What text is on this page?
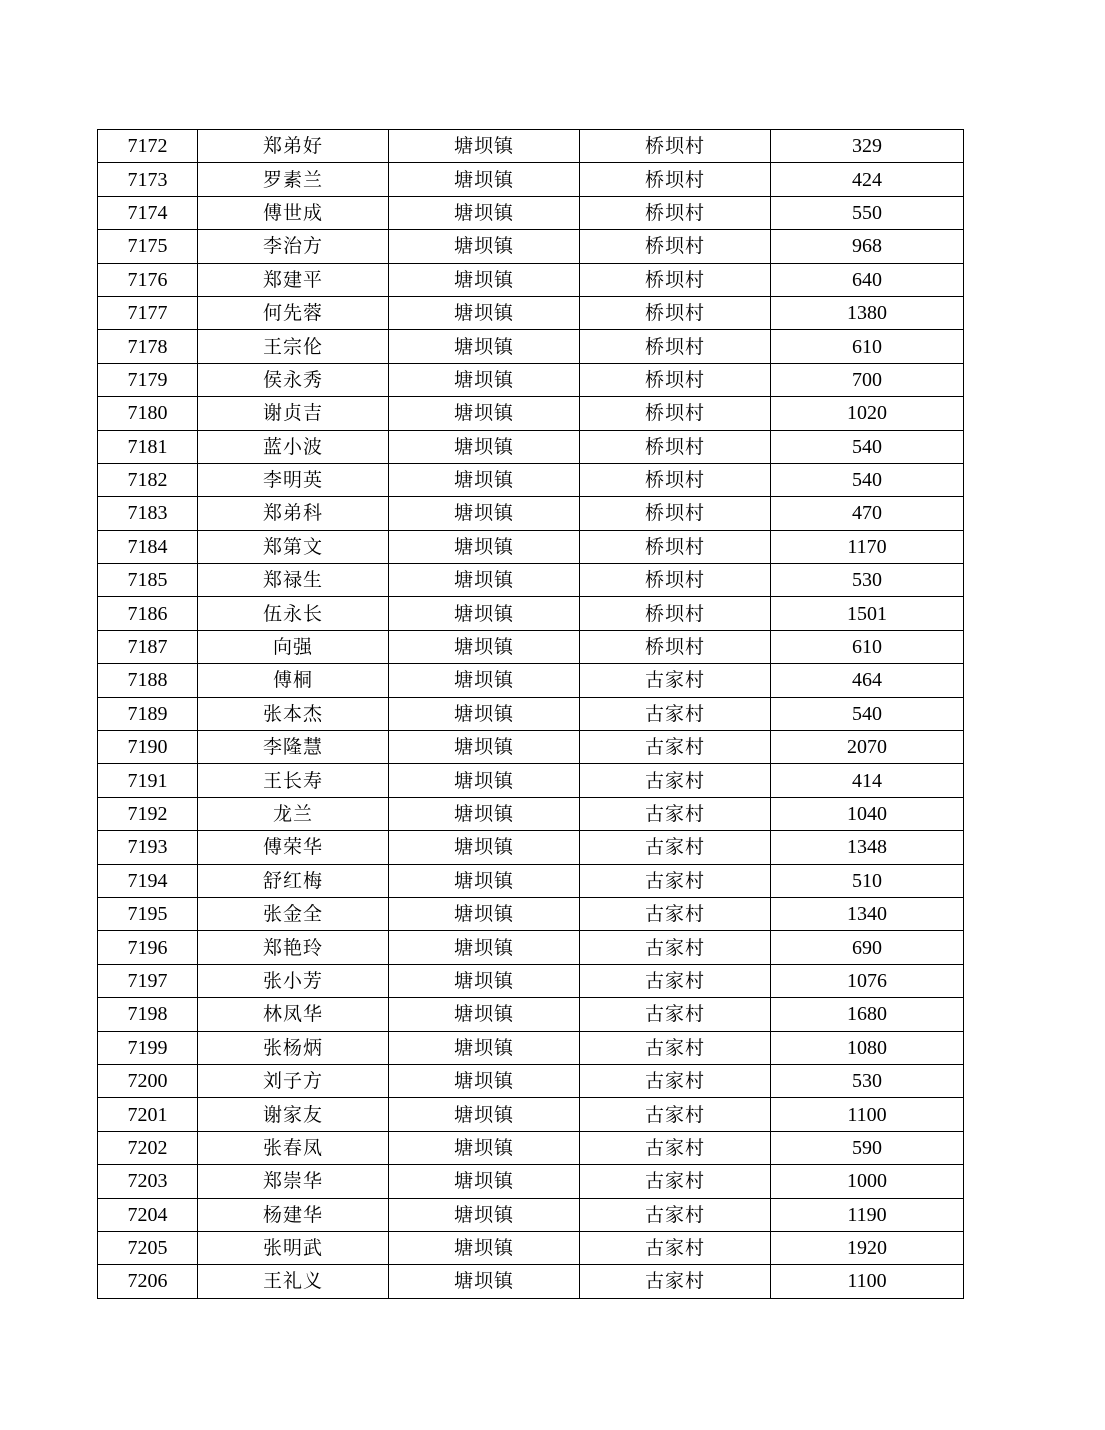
7172	郑弟好	塘坝镇	桥坝村	329
7173	罗素兰	塘坝镇	桥坝村	424
7174	傅世成	塘坝镇	桥坝村	550
7175	李治方	塘坝镇	桥坝村	968
7176	郑建平	塘坝镇	桥坝村	640
7177	何先蓉	塘坝镇	桥坝村	1380
7178	王宗伦	塘坝镇	桥坝村	610
7179	侯永秀	塘坝镇	桥坝村	700
7180	谢贞吉	塘坝镇	桥坝村	1020
7181	蓝小波	塘坝镇	桥坝村	540
7182	李明英	塘坝镇	桥坝村	540
7183	郑弟科	塘坝镇	桥坝村	470
7184	郑第文	塘坝镇	桥坝村	1170
7185	郑禄生	塘坝镇	桥坝村	530
7186	伍永长	塘坝镇	桥坝村	1501
7187	向强	塘坝镇	桥坝村	610
7188	傅桐	塘坝镇	古家村	464
7189	张本杰	塘坝镇	古家村	540
7190	李隆慧	塘坝镇	古家村	2070
7191	王长寿	塘坝镇	古家村	414
7192	龙兰	塘坝镇	古家村	1040
7193	傅荣华	塘坝镇	古家村	1348
7194	舒红梅	塘坝镇	古家村	510
7195	张金全	塘坝镇	古家村	1340
7196	郑艳玲	塘坝镇	古家村	690
7197	张小芳	塘坝镇	古家村	1076
7198	林凤华	塘坝镇	古家村	1680
7199	张杨炳	塘坝镇	古家村	1080
7200	刘子方	塘坝镇	古家村	530
7201	谢家友	塘坝镇	古家村	1100
7202	张春凤	塘坝镇	古家村	590
7203	郑崇华	塘坝镇	古家村	1000
7204	杨建华	塘坝镇	古家村	1190
7205	张明武	塘坝镇	古家村	1920
7206	王礼义	塘坝镇	古家村	1100
